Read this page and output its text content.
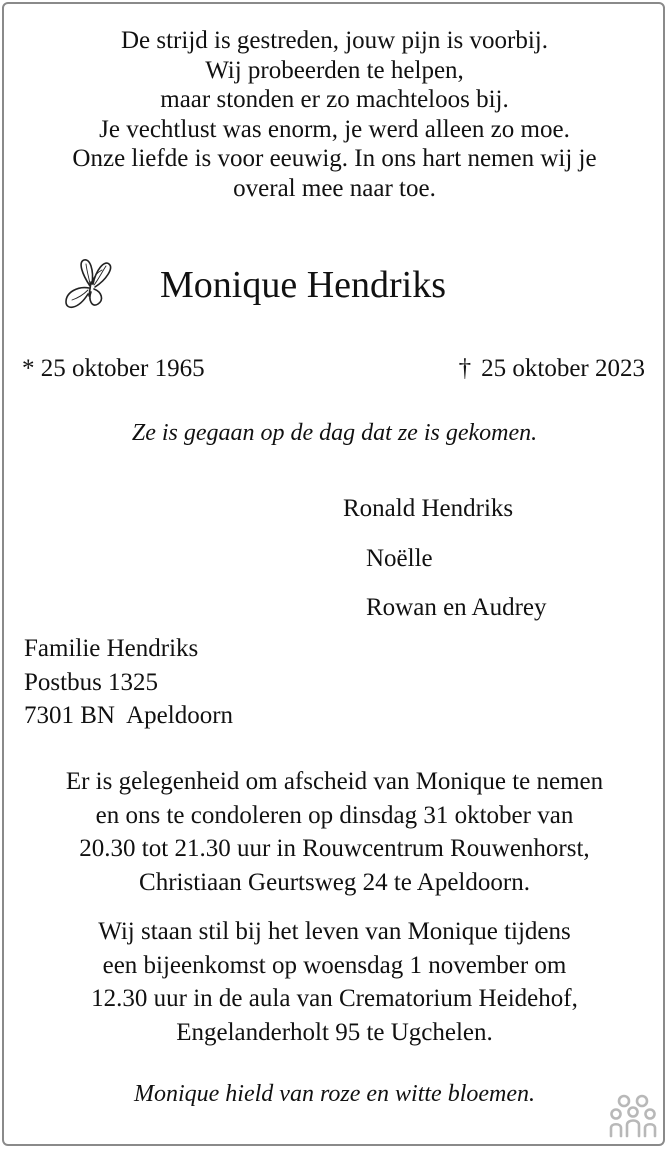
De strijd is gestreden, jouw pijn is voorbij.
Wij probeerden te helpen,
maar stonden er zo machteloos bij.
Je vechtlust was enorm, je werd alleen zo moe.
Onze liefde is voor eeuwig. In ons hart nemen wij je
overal mee naar toe.
Monique Hendriks
* 25 oktober 1965	† 25 oktober 2023
Ze is gegaan op de dag dat ze is gekomen.
Ronald Hendriks
Noëlle
Rowan en Audrey
Familie Hendriks
Postbus 1325
7301 BN  Apeldoorn
Er is gelegenheid om afscheid van Monique te nemen
en ons te condoleren op dinsdag 31 oktober van
20.30 tot 21.30 uur in Rouwcentrum Rouwenhorst,
Christiaan Geurtsweg 24 te Apeldoorn.
Wij staan stil bij het leven van Monique tijdens
een bijeenkomst op woensdag 1 november om
12.30 uur in de aula van Crematorium Heidehof,
Engelanderholt 95 te Ugchelen.
Monique hield van roze en witte bloemen.
